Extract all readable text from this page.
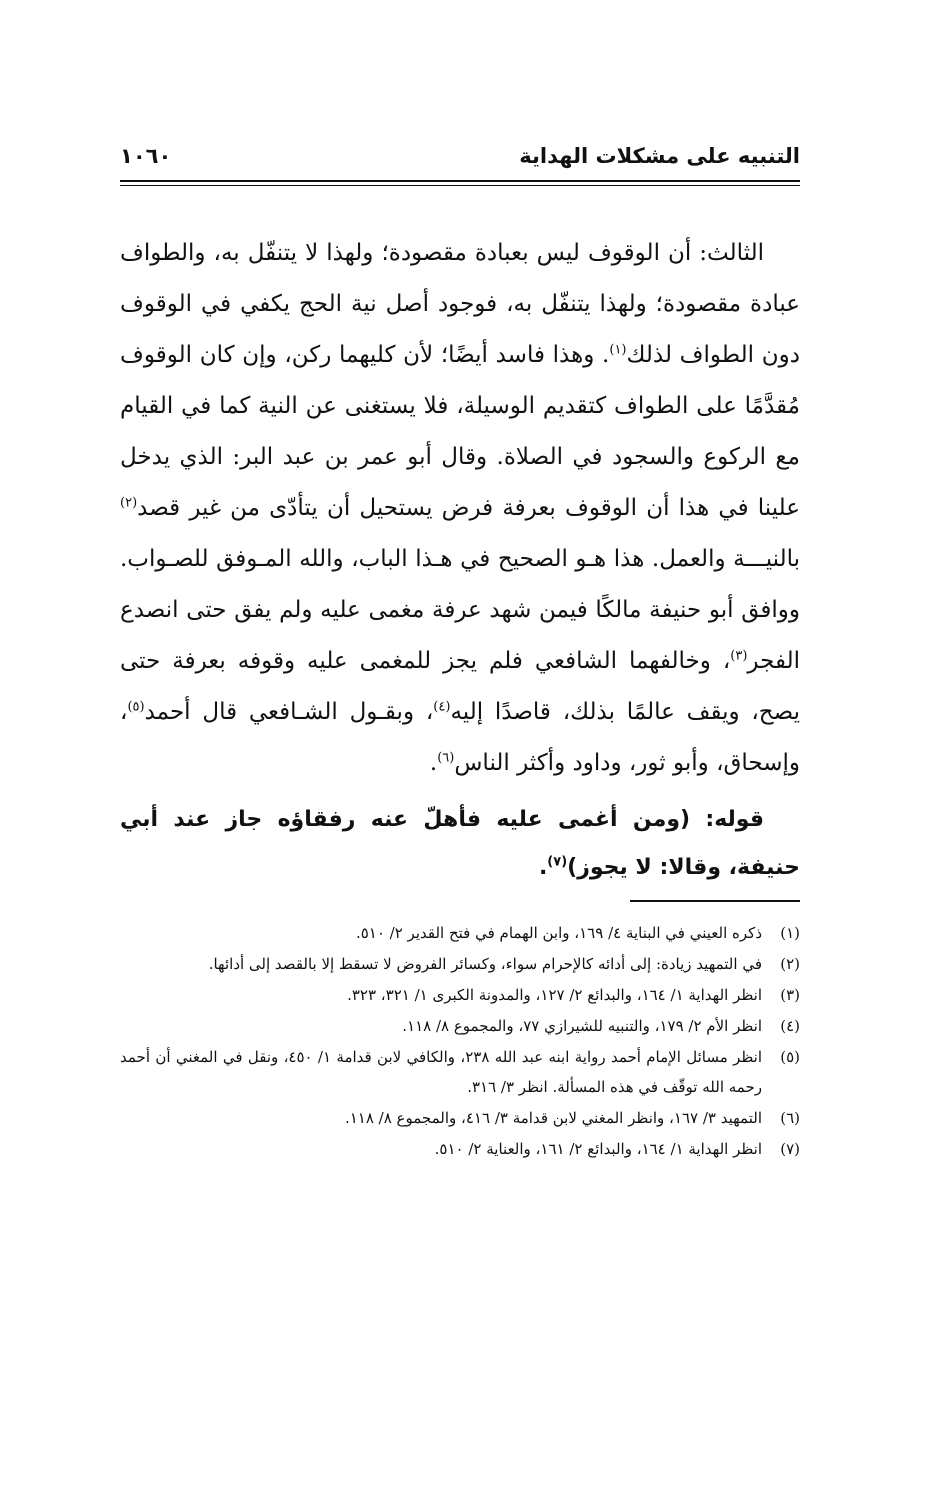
التنبيه على مشكلات الهداية
١٠٦٠

الثالث: أن الوقوف ليس بعبادة مقصودة؛ ولهذا لا يتنفّل به، والطواف عبادة مقصودة؛ ولهذا يتنفّل به، فوجود أصل نية الحج يكفي في الوقوف دون الطواف لذلك$^{(١)}$. وهذا فاسد أيضًا؛ لأن كليهما ركن، وإن كان الوقوف مُقدَّمًا على الطواف كتقديم الوسيلة، فلا يستغنى عن النية كما في القيام مع الركوع والسجود في الصلاة. وقال أبو عمر بن عبد البر: الذي يدخل علينا في هذا أن الوقوف بعرفة فرض يستحيل أن يتأدّى من غير قصد$^{(٢)}$ بالنيـــة والعمل. هذا هـو الصحيح في هـذا الباب، والله المـوفق للصـواب. ووافق أبو حنيفة مالكًا فيمن شهد عرفة مغمى عليه ولم يفق حتى انصدع الفجر$^{(٣)}$، وخالفهما الشافعي فلم يجز للمغمى عليه وقوفه بعرفة حتى يصح، ويقف عالمًا بذلك، قاصدًا إليه$^{(٤)}$، وبقـول الشـافعي قال أحمد$^{(٥)}$، وإسحاق، وأبو ثور، وداود وأكثر الناس$^{(٦)}$.

قوله: (ومن أغمى عليه فأهلّ عنه رفقاؤه جاز عند أبي حنيفة، وقالا: لا يجوز)$^{(٧)}$.
(١)
ذكره العيني في البناية ٤/ ١٦٩، وابن الهمام في فتح القدير ٢/ ٥١٠.
(٢)
في التمهيد زيادة: إلى أدائه كالإحرام سواء، وكسائر الفروض لا تسقط إلا بالقصد إلى أدائها.
(٣)
انظر الهداية ١/ ١٦٤، والبدائع ٢/ ١٢٧، والمدونة الكبرى ١/ ٣٢١، ٣٢٣.
(٤)
انظر الأم ٢/ ١٧٩، والتنبيه للشيرازي ٧٧، والمجموع ٨/ ١١٨.
(٥)
انظر مسائل الإمام أحمد رواية ابنه عبد الله ٢٣٨، والكافي لابن قدامة ١/ ٤٥٠، ونقل في المغني أن أحمد رحمه الله توقّف في هذه المسألة. انظر ٣/ ٣١٦.
(٦)
التمهيد ٣/ ١٦٧، وانظر المغني لابن قدامة ٣/ ٤١٦، والمجموع ٨/ ١١٨.
(٧)
انظر الهداية ١/ ١٦٤، والبدائع ٢/ ١٦١، والعناية ٢/ ٥١٠.
